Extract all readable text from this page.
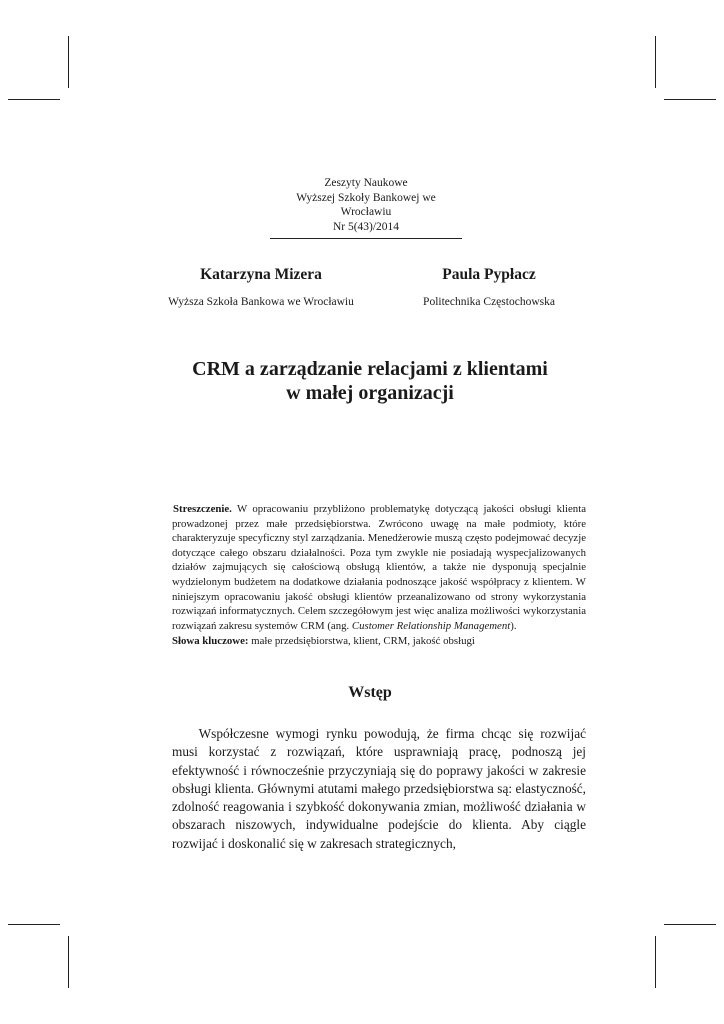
Zeszyty Naukowe
Wyższej Szkoły Bankowej we Wrocławiu
Nr 5(43)/2014
Katarzyna Mizera
Wyższa Szkoła Bankowa we Wrocławiu
Paula Pypłacz
Politechnika Częstochowska
CRM a zarządzanie relacjami z klientami
w małej organizacji
Streszczenie. W opracowaniu przybliżono problematykę dotyczącą jakości obsługi klienta prowadzonej przez małe przedsiębiorstwa. Zwrócono uwagę na małe podmioty, które charakteryzuje specyficzny styl zarządzania. Menedżerowie muszą często podejmować decyzje dotyczące całego obszaru działalności. Poza tym zwykle nie posiadają wyspecjalizowanych działów zajmujących się całościową obsługą klientów, a także nie dysponują specjalnie wydzielonym budżetem na dodatkowe działania podnoszące jakość współpracy z klientem. W niniejszym opracowaniu jakość obsługi klientów przeanalizowano od strony wykorzystania rozwiązań informatycznych. Celem szczegółowym jest więc analiza możliwości wykorzystania rozwiązań zakresu systemów CRM (ang. Customer Relationship Management).
Słowa kluczowe: małe przedsiębiorstwa, klient, CRM, jakość obsługi
Wstęp
Współczesne wymogi rynku powodują, że firma chcąc się rozwijać musi korzystać z rozwiązań, które usprawniają pracę, podnoszą jej efektywność i równocześnie przyczyniają się do poprawy jakości w zakresie obsługi klienta. Głównymi atutami małego przedsiębiorstwa są: elastyczność, zdolność reagowania i szybkość dokonywania zmian, możliwość działania w obszarach niszowych, indywidualne podejście do klienta. Aby ciągle rozwijać i doskonalić się w zakresach strategicznych,
